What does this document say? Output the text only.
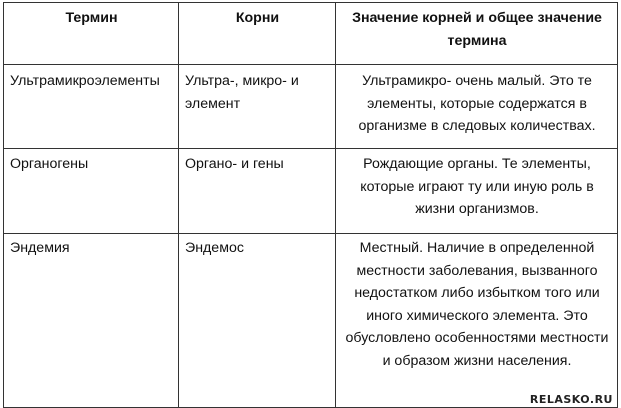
Термин	Корни	Значение корней и общее значение термина
Ультрамикроэлементы	Ультра-, микро- и элемент	Ультрамикро- очень малый. Это те элементы, которые содержатся в организме в следовых количествах.
Органогены	Органо- и гены	Рождающие органы. Те элементы, которые играют ту или иную роль в жизни организмов.
Эндемия	Эндемос	Местный. Наличие в определенной местности заболевания, вызванного недостатком либо избытком того или иного химического элемента. Это обусловлено особенностями местности и образом жизни населения.
RELASKO.RU
